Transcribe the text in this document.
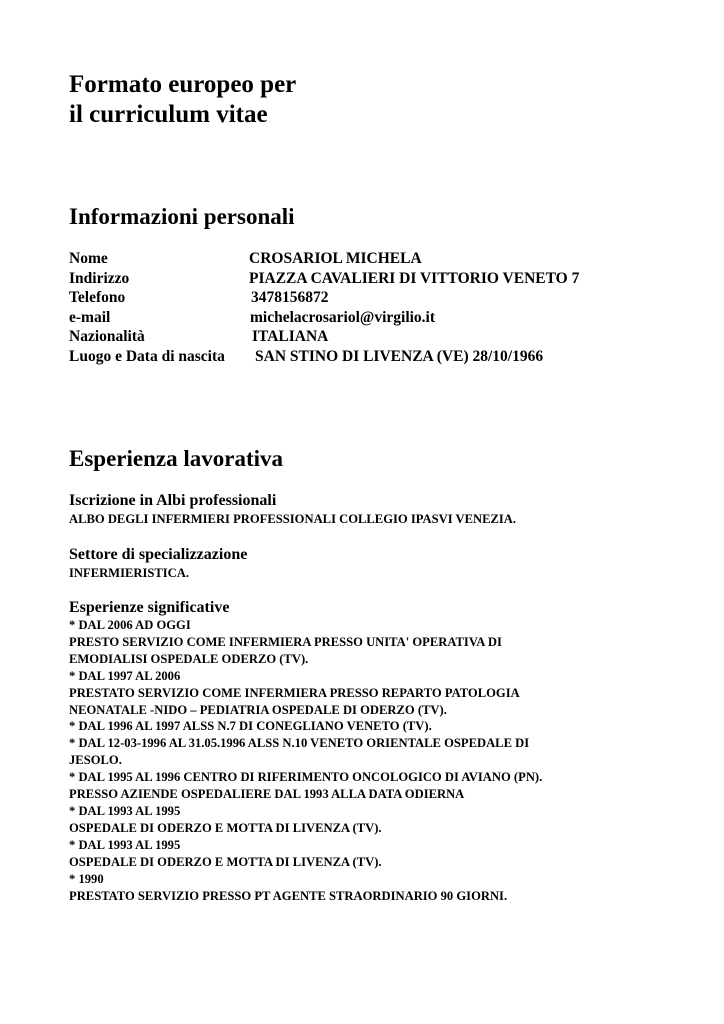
Formato europeo per
il curriculum vitae
Informazioni personali
Nome	CROSARIOL MICHELA
Indirizzo	PIAZZA CAVALIERI DI VITTORIO VENETO 7
Telefono	3478156872
e-mail	michelacrosariol@virgilio.it
Nazionalità	ITALIANA
Luogo e Data di nascita SAN STINO DI LIVENZA (VE) 28/10/1966
Esperienza lavorativa
Iscrizione in Albi professionali
ALBO DEGLI INFERMIERI PROFESSIONALI COLLEGIO IPASVI VENEZIA.
Settore di specializzazione
INFERMIERISTICA.
Esperienze significative
* DAL 2006 AD OGGI
PRESTO SERVIZIO COME INFERMIERA PRESSO UNITA' OPERATIVA DI
EMODIALISI OSPEDALE ODERZO (TV).
* DAL 1997 AL 2006
PRESTATO SERVIZIO COME INFERMIERA PRESSO REPARTO PATOLOGIA
NEONATALE -NIDO – PEDIATRIA OSPEDALE DI ODERZO (TV).
* DAL 1996 AL 1997 ALSS N.7 DI CONEGLIANO VENETO (TV).
* DAL 12-03-1996 AL 31.05.1996 ALSS N.10 VENETO ORIENTALE OSPEDALE DI
JESOLO.
* DAL 1995 AL 1996 CENTRO DI RIFERIMENTO ONCOLOGICO DI AVIANO (PN).
PRESSO AZIENDE OSPEDALIERE DAL 1993 ALLA DATA ODIERNA
* DAL 1993 AL 1995
OSPEDALE DI ODERZO E MOTTA DI LIVENZA (TV).
* DAL 1993 AL 1995
OSPEDALE DI ODERZO E MOTTA DI LIVENZA (TV).
* 1990
PRESTATO SERVIZIO PRESSO PT AGENTE STRAORDINARIO 90 GIORNI.
